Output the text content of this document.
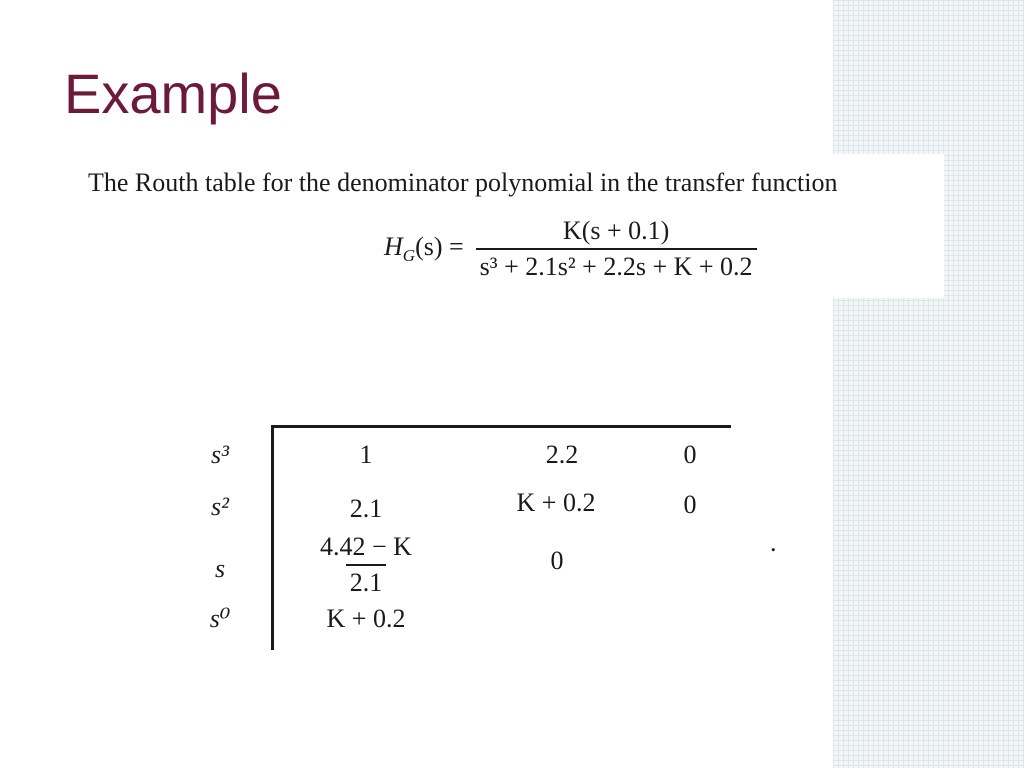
Example
The Routh table for the denominator polynomial in the transfer function
$H_G(s) = \frac{K(s + 0.1)}{\text{s³ + 2.1s² + 2.2s + K + 0.2}}$
s³	1	2.2	0
s²	2.1	K + 0.2	0
s	$\frac{4.42 - K}{2.1}$	0
s⁰	K + 0.2
.
